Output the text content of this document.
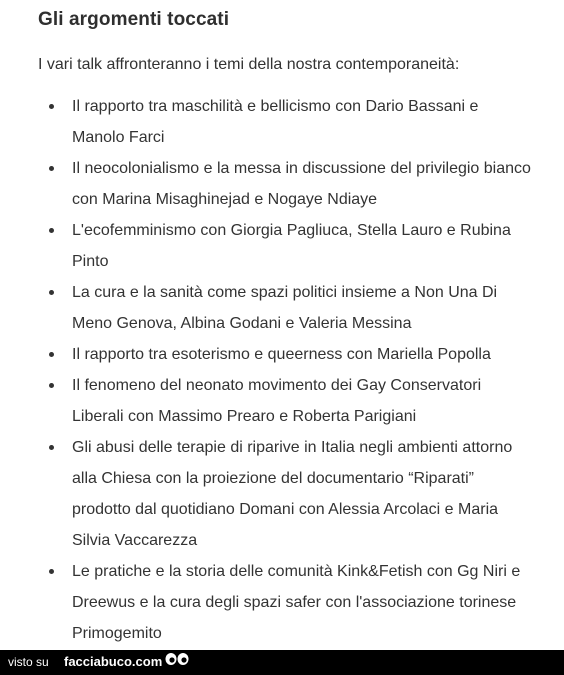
Gli argomenti toccati

I vari talk affronteranno i temi della nostra contemporaneità:

Il rapporto tra maschilità e bellicismo con Dario Bassani e Manolo Farci
Il neocolonialismo e la messa in discussione del privilegio bianco con Marina Misaghinejad e Nogaye Ndiaye
L'ecofemminismo con Giorgia Pagliuca, Stella Lauro e Rubina Pinto
La cura e la sanità come spazi politici insieme a Non Una Di Meno Genova, Albina Godani e Valeria Messina
Il rapporto tra esoterismo e queerness con Mariella Popolla
Il fenomeno del neonato movimento dei Gay Conservatori Liberali con Massimo Prearo e Roberta Parigiani
Gli abusi delle terapie di riparive in Italia negli ambienti attorno alla Chiesa con la proiezione del documentario “Riparati” prodotto dal quotidiano Domani con Alessia Arcolaci e Maria Silvia Vaccarezza
Le pratiche e la storia delle comunità Kink&Fetish con Gg Niri e Dreewus e la cura degli spazi safer con l'associazione torinese Primogemito
visto su facciabuco.com
